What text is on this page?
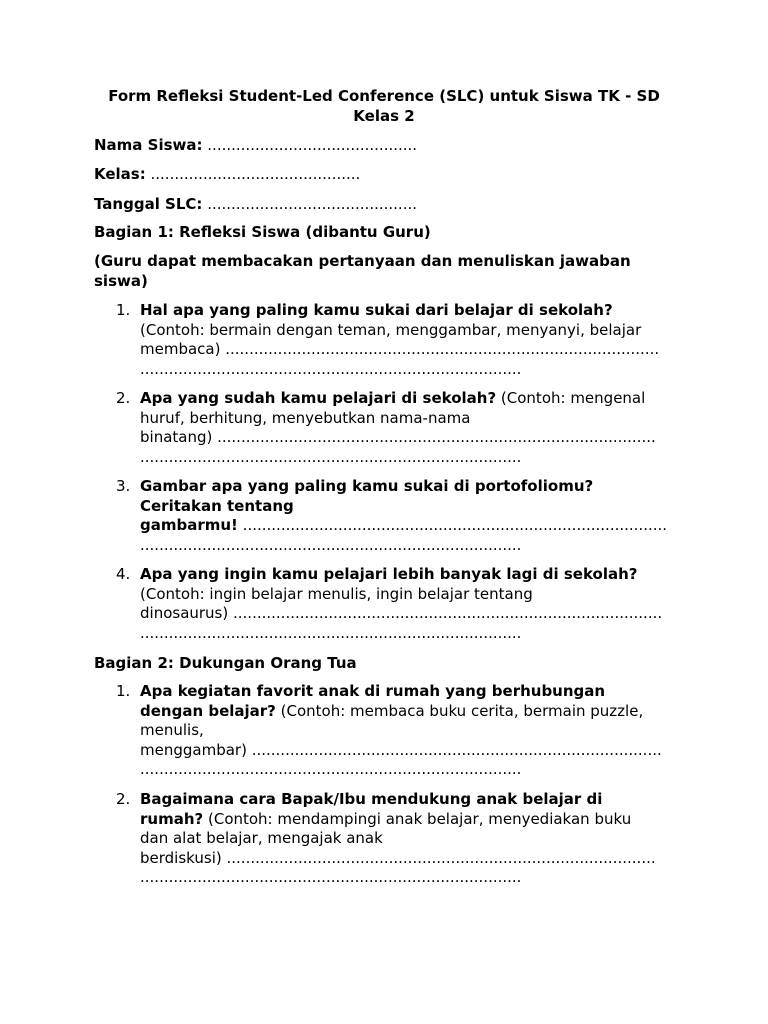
Form Refleksi Student-Led Conference (SLC) untuk Siswa TK - SD Kelas 2

Nama Siswa: ............................................

Kelas: ............................................

Tanggal SLC: ............................................

Bagian 1: Refleksi Siswa (dibantu Guru)

(Guru dapat membacakan pertanyaan dan menuliskan jawaban siswa)

1. Hal apa yang paling kamu sukai dari belajar di sekolah?
(Contoh: bermain dengan teman, menggambar, menyanyi, belajar
membaca) ...........................................................................................
................................................................................
2. Apa yang sudah kamu pelajari di sekolah? (Contoh: mengenal
huruf, berhitung, menyebutkan nama-nama
binatang) ............................................................................................
................................................................................
3. Gambar apa yang paling kamu sukai di portofoliomu?
Ceritakan tentang
gambarmu! .........................................................................................
................................................................................
4. Apa yang ingin kamu pelajari lebih banyak lagi di sekolah?
(Contoh: ingin belajar menulis, ingin belajar tentang
dinosaurus) ..........................................................................................
................................................................................
Bagian 2: Dukungan Orang Tua
1. Apa kegiatan favorit anak di rumah yang berhubungan
dengan belajar? (Contoh: membaca buku cerita, bermain puzzle,
menulis,
menggambar) ......................................................................................
................................................................................
2. Bagaimana cara Bapak/Ibu mendukung anak belajar di
rumah? (Contoh: mendampingi anak belajar, menyediakan buku
dan alat belajar, mengajak anak
berdiskusi) ..........................................................................................
................................................................................
